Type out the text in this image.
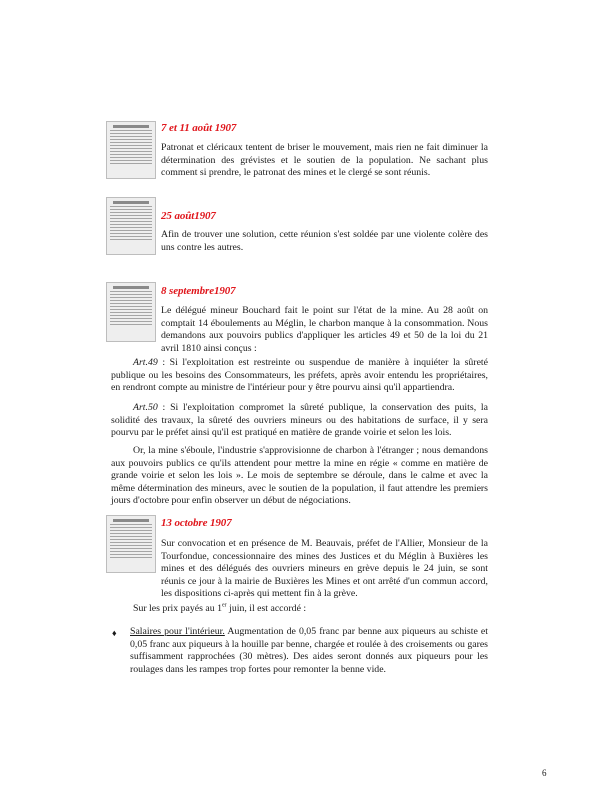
7 et 11 août 1907
Patronat et cléricaux tentent de briser le mouvement, mais rien ne fait diminuer la détermination des grévistes et le soutien de la population. Ne sachant plus comment si prendre, le patronat des mines et le clergé se sont réunis.
25 août1907
Afin de trouver une solution, cette réunion s'est soldée par une violente colère des uns contre les autres.
8 septembre1907
Le délégué mineur Bouchard fait le point sur l'état de la mine. Au 28 août on comptait 14 éboulements au Méglin, le charbon manque à la consommation. Nous demandons aux pouvoirs publics d'appliquer les articles 49 et 50 de la loi du 21 avril 1810 ainsi conçus :
Art.49 : Si l'exploitation est restreinte ou suspendue de manière à inquiéter la sûreté publique ou les besoins des Consommateurs, les préfets, après avoir entendu les propriétaires, en rendront compte au ministre de l'intérieur pour y être pourvu ainsi qu'il appartiendra.
Art.50 : Si l'exploitation compromet la sûreté publique, la conservation des puits, la solidité des travaux, la sûreté des ouvriers mineurs ou des habitations de surface, il y sera pourvu par le préfet ainsi qu'il est pratiqué en matière de grande voirie et selon les lois.
Or, la mine s'éboule, l'industrie s'approvisionne de charbon à l'étranger ; nous demandons aux pouvoirs publics ce qu'ils attendent pour mettre la mine en régie « comme en matière de grande voirie et selon les lois ». Le mois de septembre se déroule, dans le calme et avec la même détermination des mineurs, avec le soutien de la population, il faut attendre les premiers jours d'octobre pour enfin observer un début de négociations.
13 octobre 1907
Sur convocation et en présence de M. Beauvais, préfet de l'Allier, Monsieur de la Tourfondue, concessionnaire des mines des Justices et du Méglin à Buxières les mines et des délégués des ouvriers mineurs en grève depuis le 24 juin, se sont réunis ce jour à la mairie de Buxières les Mines et ont arrêté d'un commun accord, les dispositions ci-après qui mettent fin à la grève.
Sur les prix payés au 1er juin, il est accordé :
♦ Salaires pour l'intérieur. Augmentation de 0,05 franc par benne aux piqueurs au schiste et 0,05 franc aux piqueurs à la houille par benne, chargée et roulée à des croisements ou gares suffisamment rapprochées (30 mètres). Des aides seront donnés aux piqueurs pour les roulages dans les rampes trop fortes pour remonter la benne vide.
6
